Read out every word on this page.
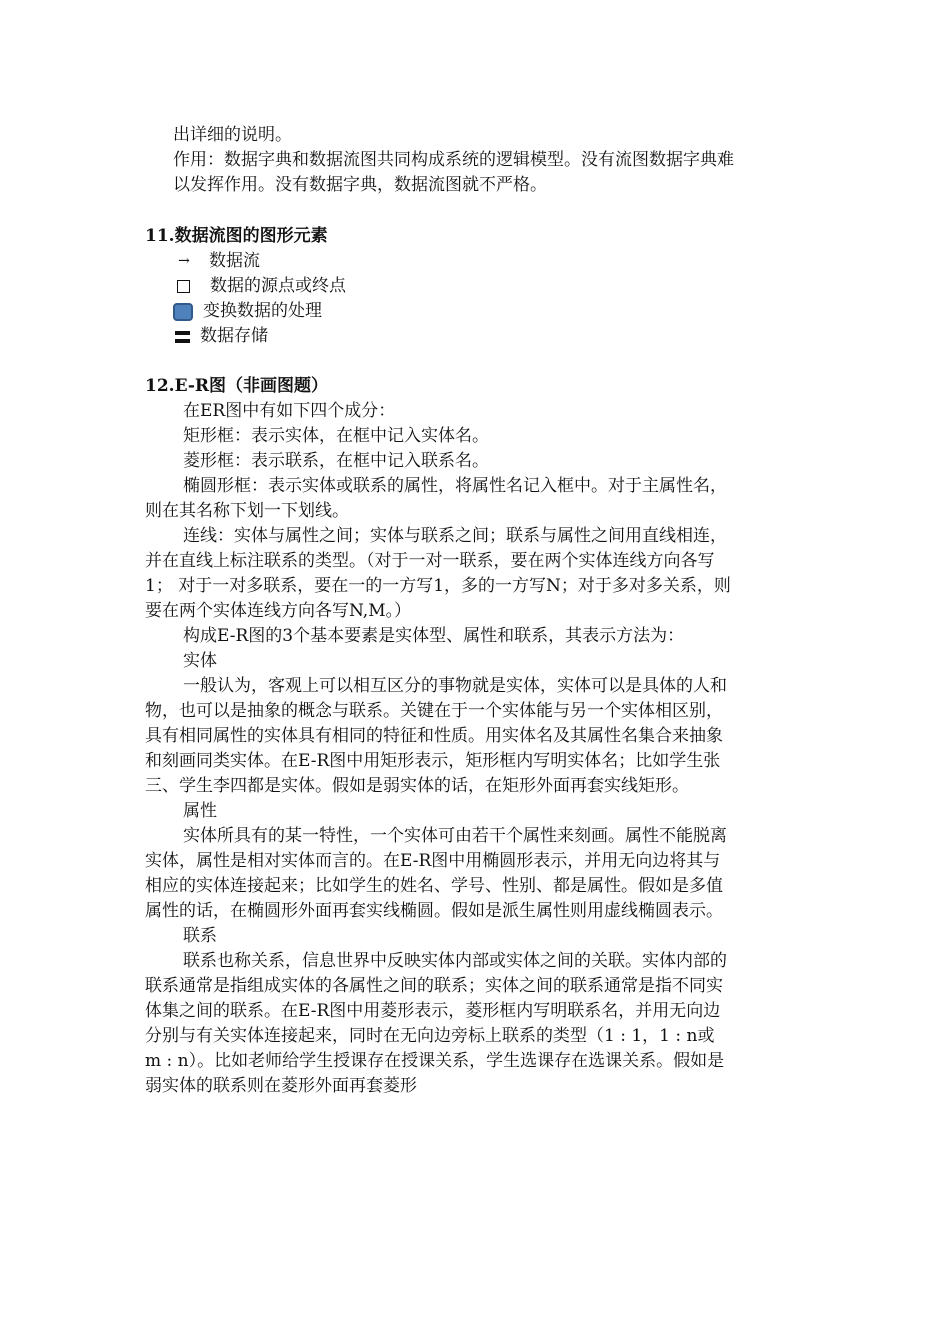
出详细的说明。
作用：数据字典和数据流图共同构成系统的逻辑模型。没有流图数据字典难
以发挥作用。没有数据字典，数据流图就不严格。
11.数据流图的图形元素
→ 数据流
数据的源点或终点
变换数据的处理
数据存储
12.E-R图（非画图题）
在ER图中有如下四个成分：
矩形框：表示实体，在框中记入实体名。
菱形框：表示联系，在框中记入联系名。
椭圆形框：表示实体或联系的属性，将属性名记入框中。对于主属性名，
则在其名称下划一下划线。
连线：实体与属性之间；实体与联系之间；联系与属性之间用直线相连，
并在直线上标注联系的类型。（对于一对一联系，要在两个实体连线方向各写
1； 对于一对多联系，要在一的一方写1，多的一方写N；对于多对多关系，则
要在两个实体连线方向各写N,M。）
构成E-R图的3个基本要素是实体型、属性和联系，其表示方法为：
实体
一般认为，客观上可以相互区分的事物就是实体，实体可以是具体的人和
物，也可以是抽象的概念与联系。关键在于一个实体能与另一个实体相区别，
具有相同属性的实体具有相同的特征和性质。用实体名及其属性名集合来抽象
和刻画同类实体。在E-R图中用矩形表示，矩形框内写明实体名；比如学生张
三、学生李四都是实体。假如是弱实体的话，在矩形外面再套实线矩形。
属性
实体所具有的某一特性，一个实体可由若干个属性来刻画。属性不能脱离
实体，属性是相对实体而言的。在E-R图中用椭圆形表示，并用无向边将其与
相应的实体连接起来；比如学生的姓名、学号、性别、都是属性。假如是多值
属性的话，在椭圆形外面再套实线椭圆。假如是派生属性则用虚线椭圆表示。
联系
联系也称关系，信息世界中反映实体内部或实体之间的关联。实体内部的
联系通常是指组成实体的各属性之间的联系；实体之间的联系通常是指不同实
体集之间的联系。在E-R图中用菱形表示，菱形框内写明联系名，并用无向边
分别与有关实体连接起来，同时在无向边旁标上联系的类型（1 : 1，1 : n或
m : n）。比如老师给学生授课存在授课关系，学生选课存在选课关系。假如是
弱实体的联系则在菱形外面再套菱形
